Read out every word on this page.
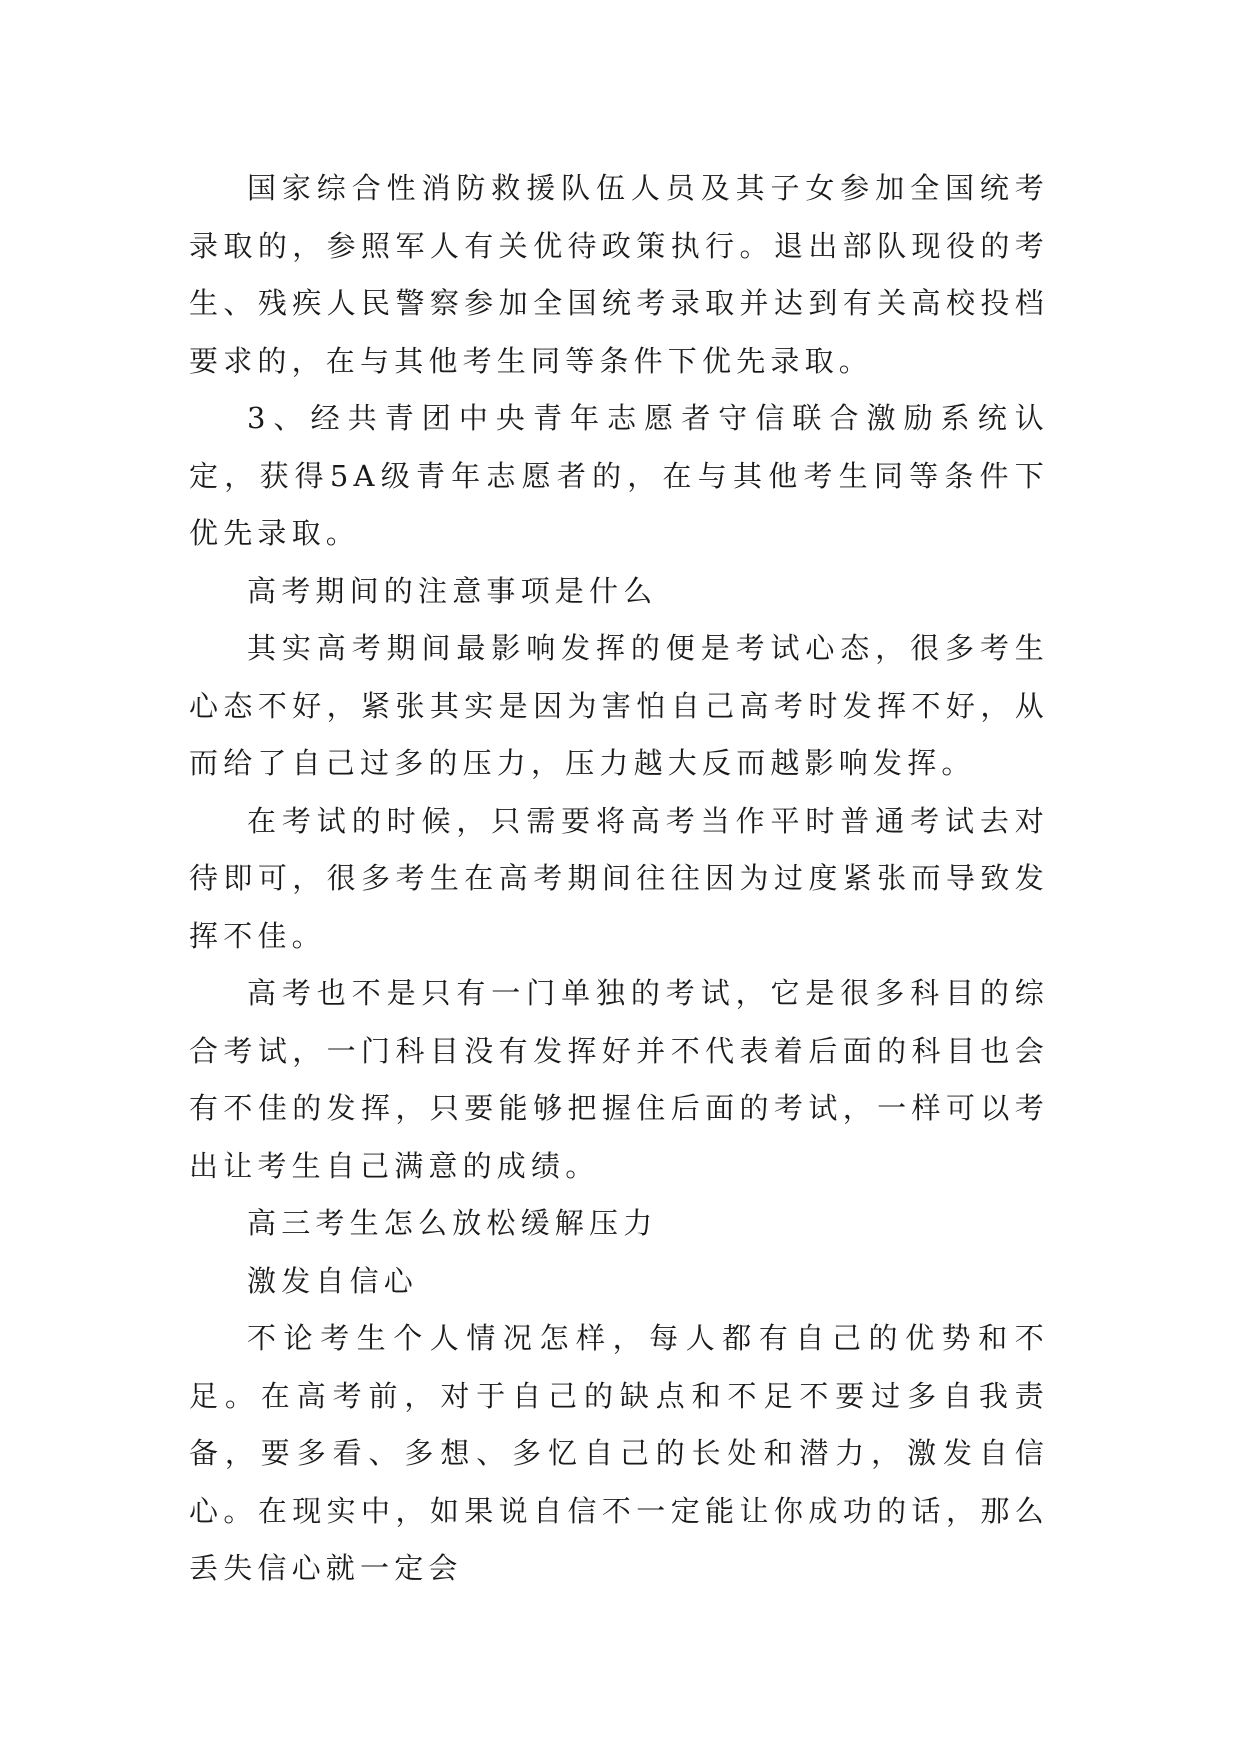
国家综合性消防救援队伍人员及其子女参加全国统考录取的，参照军人有关优待政策执行。退出部队现役的考生、残疾人民警察参加全国统考录取并达到有关高校投档要求的，在与其他考生同等条件下优先录取。

3、经共青团中央青年志愿者守信联合激励系统认定，获得5A级青年志愿者的，在与其他考生同等条件下优先录取。

高考期间的注意事项是什么

其实高考期间最影响发挥的便是考试心态，很多考生心态不好，紧张其实是因为害怕自己高考时发挥不好，从而给了自己过多的压力，压力越大反而越影响发挥。

在考试的时候，只需要将高考当作平时普通考试去对待即可，很多考生在高考期间往往因为过度紧张而导致发挥不佳。

高考也不是只有一门单独的考试，它是很多科目的综合考试，一门科目没有发挥好并不代表着后面的科目也会有不佳的发挥，只要能够把握住后面的考试，一样可以考出让考生自己满意的成绩。

高三考生怎么放松缓解压力

激发自信心

不论考生个人情况怎样，每人都有自己的优势和不足。在高考前，对于自己的缺点和不足不要过多自我责备，要多看、多想、多忆自己的长处和潜力，激发自信心。在现实中，如果说自信不一定能让你成功的话，那么丢失信心就一定会
